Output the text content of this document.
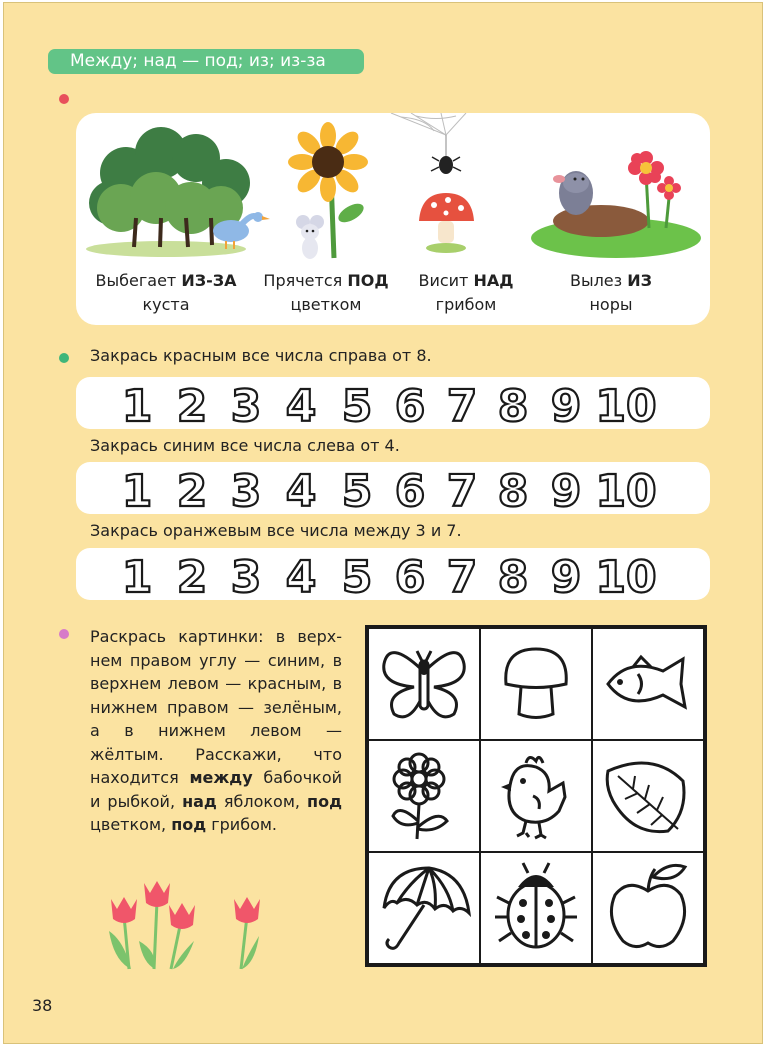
Между; над — под; из; из-за
Выбегает ИЗ-ЗА
куста
Прячется ПОД
цветком
Висит НАД
грибом
Вылез ИЗ
норы
Закрась красным все числа справа от 8.
1 2 3 4 5 6 7 8 9 10
Закрась синим все числа слева от 4.
1 2 3 4 5 6 7 8 9 10
Закрась оранжевым все числа между 3 и 7.
1 2 3 4 5 6 7 8 9 10
Раскрась картинки: в верхнем правом углу — синим, в верхнем левом — красным, в нижнем правом — зелёным, а в нижнем левом — жёлтым. Расскажи, что находится между бабочкой и рыбкой, над яблоком, под цветком, под грибом.
38
